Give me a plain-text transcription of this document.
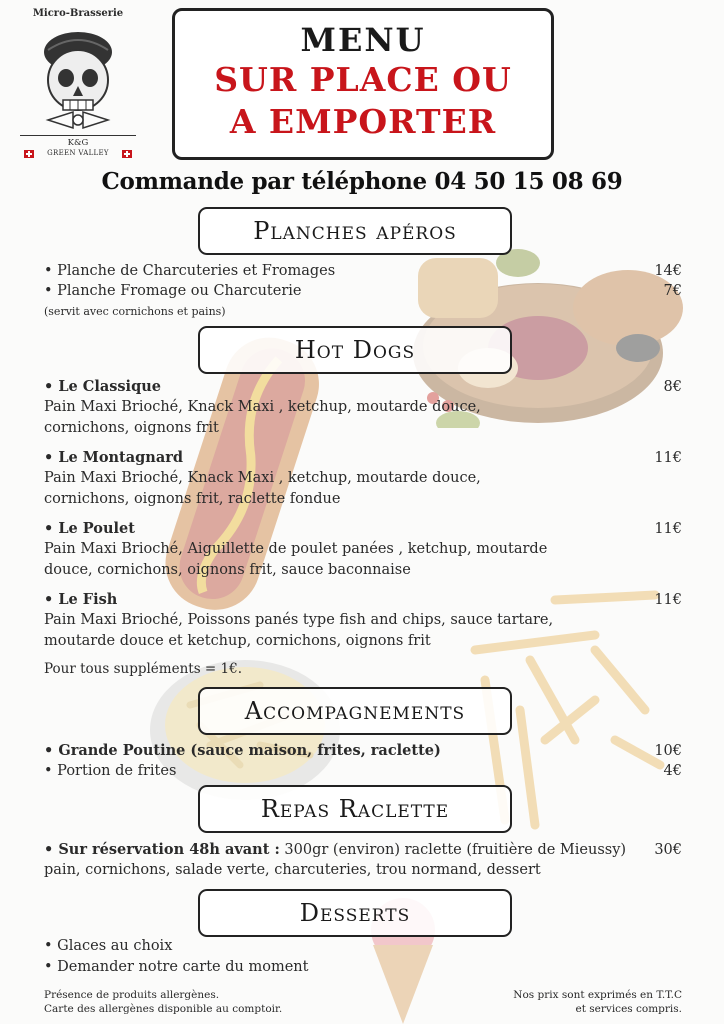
Micro-Brasserie
K&G
GREEN VALLEY
MENU
SUR PLACE OU
A EMPORTER
Commande par téléphone 04 50 15 08 69
Planches apéros
• Planche de Charcuteries et Fromages	14€
• Planche Fromage ou Charcuterie	7€
(servit avec cornichons et pains)
Hot Dogs
• Le Classique	8€
Pain Maxi Brioché, Knack Maxi , ketchup, moutarde douce, cornichons, oignons frit
• Le Montagnard	11€
Pain Maxi Brioché, Knack Maxi , ketchup, moutarde douce, cornichons, oignons frit, raclette fondue
• Le Poulet	11€
Pain Maxi Brioché, Aiguillette de poulet panées , ketchup, moutarde douce, cornichons, oignons frit, sauce baconnaise
• Le Fish	11€
Pain Maxi Brioché, Poissons panés type fish and chips, sauce tartare, moutarde douce et ketchup, cornichons, oignons frit
Pour tous suppléments = 1€.
Accompagnements
• Grande Poutine (sauce maison, frites, raclette)	10€
• Portion de frites	4€
Repas Raclette
• Sur réservation 48h avant : 300gr (environ) raclette (fruitière de Mieussy) 30€
pain, cornichons, salade verte, charcuteries, trou normand, dessert
Desserts
• Glaces au choix
• Demander notre carte du moment
Présence de produits allergènes.
Carte des allergènes disponible au comptoir.
Nos prix sont exprimés en T.T.C
et services compris.
